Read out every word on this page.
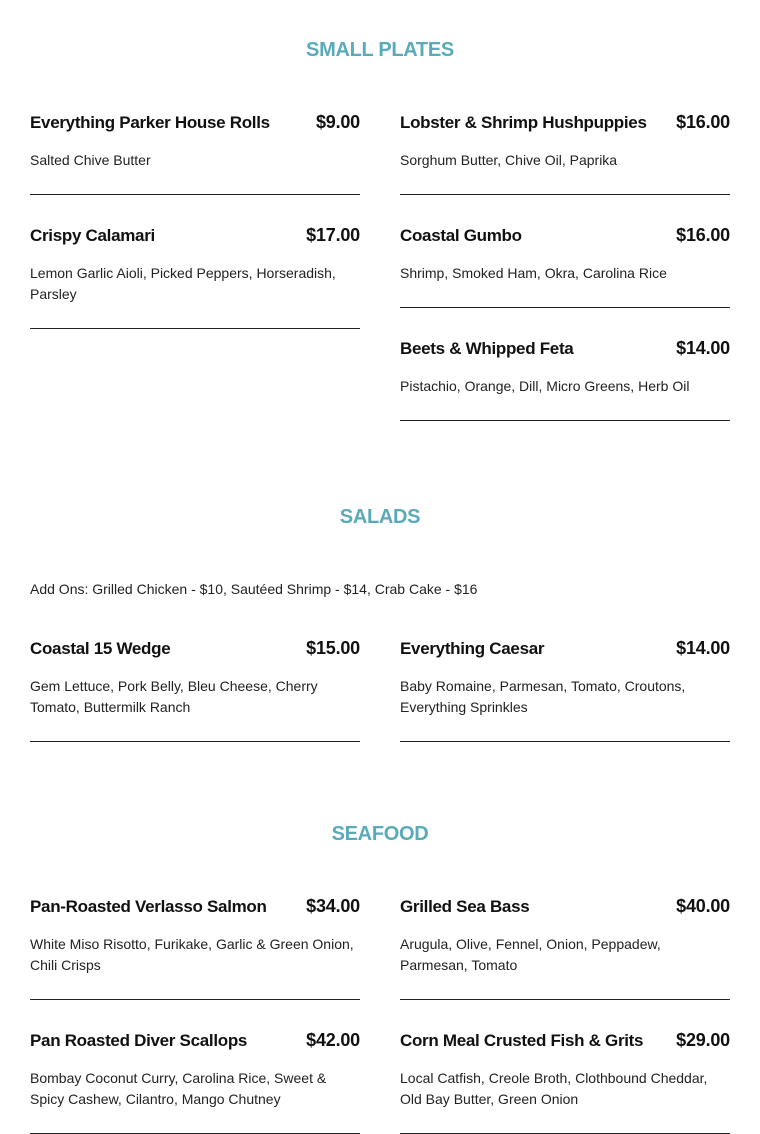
SMALL PLATES
Everything Parker House Rolls	$9.00
Salted Chive Butter
Lobster & Shrimp Hushpuppies $16.00
Sorghum Butter, Chive Oil, Paprika
Crispy Calamari	$17.00
Lemon Garlic Aioli, Picked Peppers, Horseradish, Parsley
Coastal Gumbo	$16.00
Shrimp, Smoked Ham, Okra, Carolina Rice
Beets & Whipped Feta	$14.00
Pistachio, Orange, Dill, Micro Greens, Herb Oil
SALADS
Add Ons: Grilled Chicken - $10, Sautéed Shrimp - $14, Crab Cake - $16
Coastal 15 Wedge	$15.00
Gem Lettuce, Pork Belly, Bleu Cheese, Cherry Tomato, Buttermilk Ranch
Everything Caesar	$14.00
Baby Romaine, Parmesan, Tomato, Croutons, Everything Sprinkles
SEAFOOD
Pan-Roasted Verlasso Salmon $34.00
White Miso Risotto, Furikake, Garlic & Green Onion, Chili Crisps
Grilled Sea Bass	$40.00
Arugula, Olive, Fennel, Onion, Peppadew, Parmesan, Tomato
Pan Roasted Diver Scallops	$42.00
Bombay Coconut Curry, Carolina Rice, Sweet & Spicy Cashew, Cilantro, Mango Chutney
Corn Meal Crusted Fish & Grits $29.00
Local Catfish, Creole Broth, Clothbound Cheddar, Old Bay Butter, Green Onion
